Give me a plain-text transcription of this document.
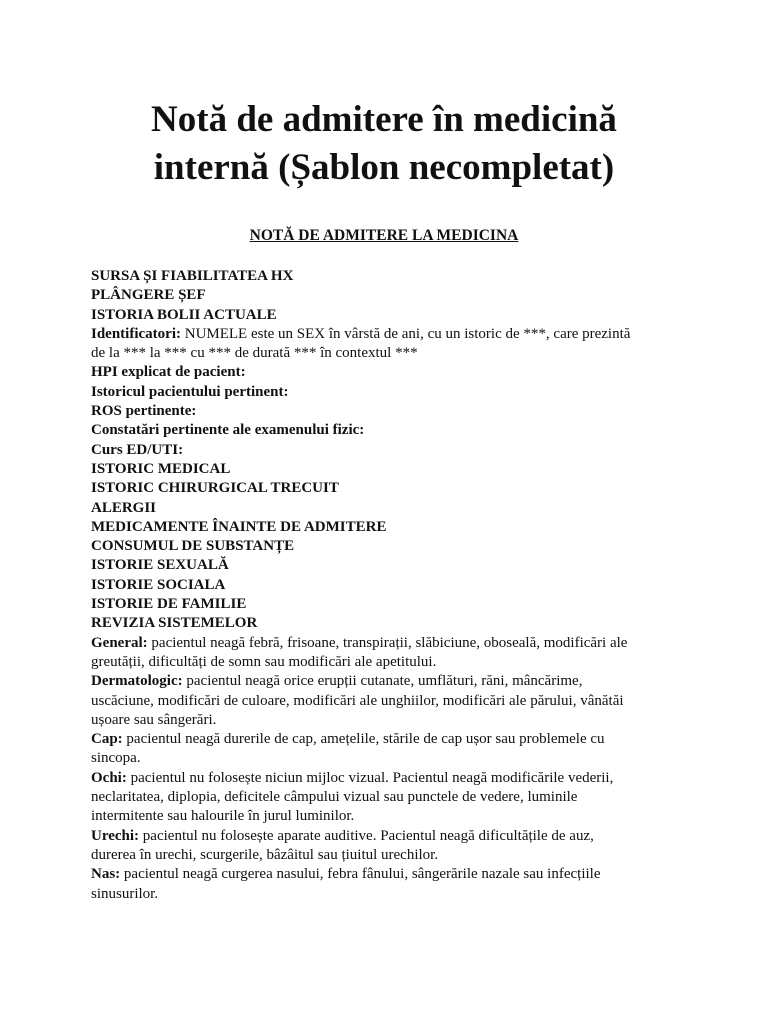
Notă de admitere în medicină
internă (Șablon necompletat)
NOTĂ DE ADMITERE LA MEDICINA
SURSA ȘI FIABILITATEA HX
PLÂNGERE ȘEF
ISTORIA BOLII ACTUALE
Identificatori: NUMELE este un SEX în vârstă de ani, cu un istoric de ***, care prezintă
de la *** la *** cu *** de durată *** în contextul ***
HPI explicat de pacient:
Istoricul pacientului pertinent:
ROS pertinente:
Constatări pertinente ale examenului fizic:
Curs ED/UTI:
ISTORIC MEDICAL
ISTORIC CHIRURGICAL TRECUIT
ALERGII
MEDICAMENTE ÎNAINTE DE ADMITERE
CONSUMUL DE SUBSTANȚE
ISTORIE SEXUALĂ
ISTORIE SOCIALA
ISTORIE DE FAMILIE
REVIZIA SISTEMELOR
General: pacientul neagă febră, frisoane, transpirații, slăbiciune, oboseală, modificări ale
greutății, dificultăți de somn sau modificări ale apetitului.
Dermatologic: pacientul neagă orice erupții cutanate, umflături, răni, mâncărime,
uscăciune, modificări de culoare, modificări ale unghiilor, modificări ale părului, vânătăi
ușoare sau sângerări.
Cap: pacientul neagă durerile de cap, amețelile, stările de cap ușor sau problemele cu
sincopa.
Ochi: pacientul nu folosește niciun mijloc vizual. Pacientul neagă modificările vederii,
neclaritatea, diplopia, deficitele câmpului vizual sau punctele de vedere, luminile
intermitente sau halourile în jurul luminilor.
Urechi: pacientul nu folosește aparate auditive. Pacientul neagă dificultățile de auz,
durerea în urechi, scurgerile, bâzâitul sau țiuitul urechilor.
Nas: pacientul neagă curgerea nasului, febra fânului, sângerările nazale sau infecțiile
sinusurilor.
